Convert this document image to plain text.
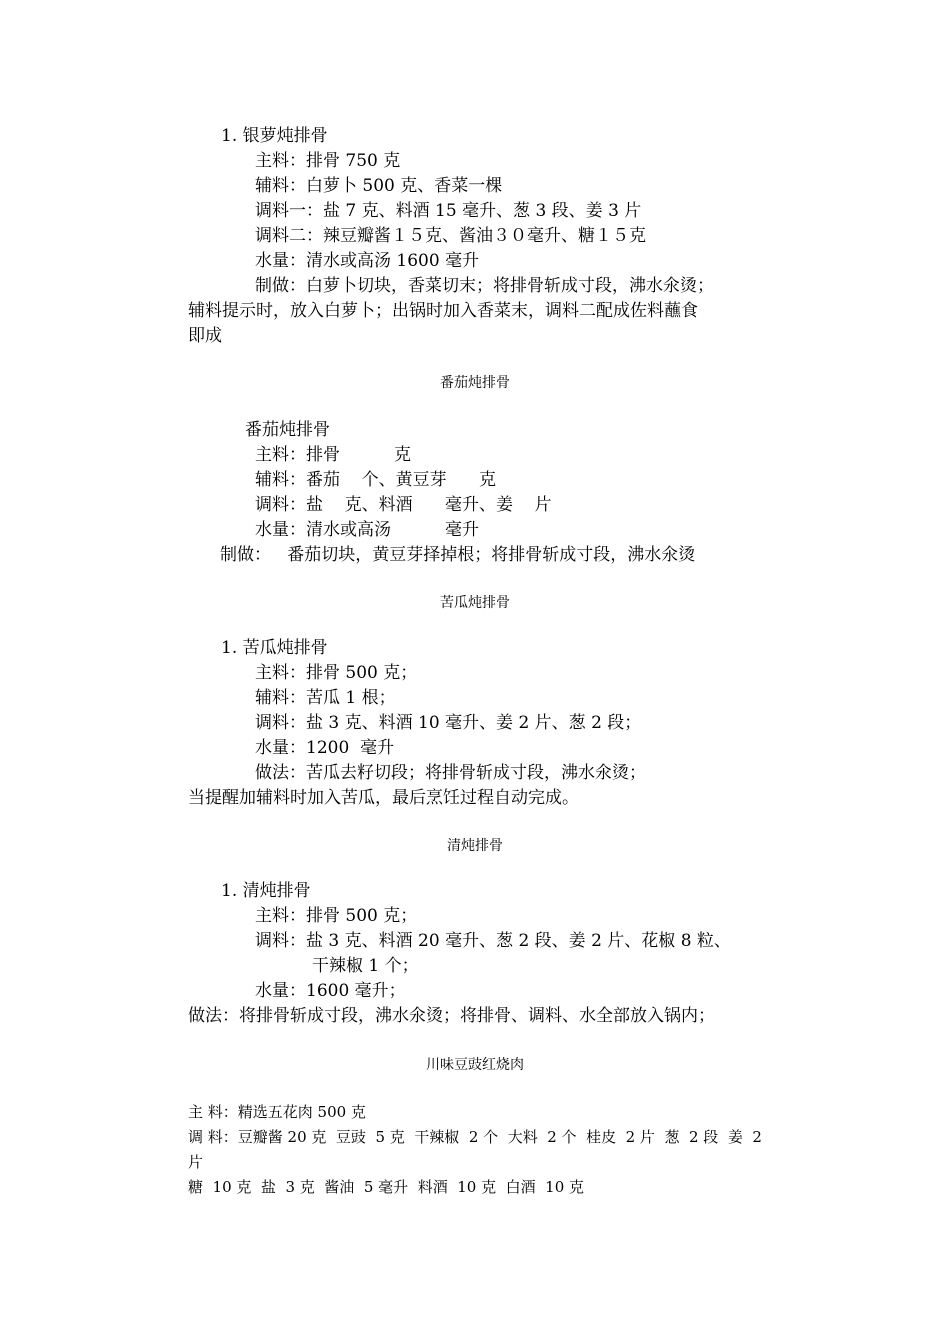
1. 银萝炖排骨
主料：排骨 750 克
辅料：白萝卜 500 克、香菜一棵
调料一：盐 7 克、料酒 15 毫升、葱 3 段、姜 3 片
调料二：辣豆瓣酱１５克、酱油３０毫升、糖１５克
水量：清水或高汤 1600 毫升
制做：白萝卜切块，香菜切末；将排骨斩成寸段，沸水氽烫；
辅料提示时，放入白萝卜；出锅时加入香菜末，调料二配成佐料蘸食
即成
番茄炖排骨
番茄炖排骨
主料：排骨          克
辅料：番茄    个、黄豆芽      克
调料：盐    克、料酒      毫升、姜    片
水量：清水或高汤          毫升
制做：   番茄切块，黄豆芽择掉根；将排骨斩成寸段，沸水氽烫
苦瓜炖排骨
1. 苦瓜炖排骨
主料：排骨 500 克；
辅料：苦瓜 1 根；
调料：盐 3 克、料酒 10 毫升、姜 2 片、葱 2 段；
水量：1200  毫升
做法：苦瓜去籽切段；将排骨斩成寸段，沸水氽烫；
当提醒加辅料时加入苦瓜，最后烹饪过程自动完成。
清炖排骨
1. 清炖排骨
主料：排骨 500 克；
调料：盐 3 克、料酒 20 毫升、葱 2 段、姜 2 片、花椒 8 粒、
干辣椒 1 个；
水量：1600 毫升；
做法：将排骨斩成寸段，沸水氽烫；将排骨、调料、水全部放入锅内；
川味豆豉红烧肉
主 料：精选五花肉 500 克
调 料：豆瓣酱 20 克  豆豉  5 克  干辣椒  2 个  大料  2 个  桂皮  2 片  葱  2 段  姜  2
片
糖  10 克  盐  3 克  酱油  5 毫升  料酒  10 克  白酒  10 克
